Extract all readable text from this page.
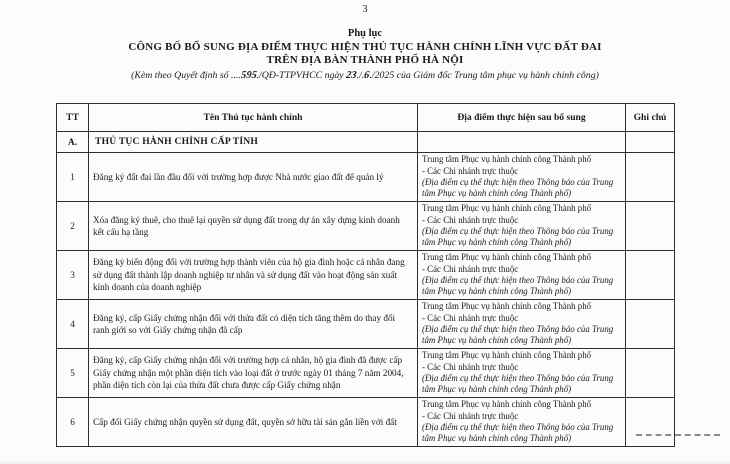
3
Phụ lục
CÔNG BỐ BỔ SUNG ĐỊA ĐIỂM THỰC HIỆN THỦ TỤC HÀNH CHÍNH LĨNH VỰC ĐẤT ĐAI
TRÊN ĐỊA BÀN THÀNH PHỐ HÀ NỘI
(Kèm theo Quyết định số ....595./QĐ-TTPVHCC ngày 23./.6./2025 của Giám đốc Trung tâm phục vụ hành chính công)
TT	Tên Thủ tục hành chính	Địa điểm thực hiện sau bổ sung	Ghi chú
A.	THỦ TỤC HÀNH CHÍNH CẤP TỈNH		
1	Đăng ký đất đai lần đầu đối với trường hợp được Nhà nước giao đất để quản lý	Trung tâm Phục vụ hành chính công Thành phố
- Các Chi nhánh trực thuộc
(Địa điểm cụ thể thực hiện theo Thông báo của Trung tâm Phục vụ hành chính công Thành phố)	

2	Xóa đăng ký thuê, cho thuê lại quyền sử dụng đất trong dự án xây dựng kinh doanh kết cấu hạ tầng	Trung tâm Phục vụ hành chính công Thành phố
- Các Chi nhánh trực thuộc
(Địa điểm cụ thể thực hiện theo Thông báo của Trung tâm Phục vụ hành chính công Thành phố)	

3	Đăng ký biến động đối với trường hợp thành viên của hộ gia đình hoặc cá nhân đang sử dụng đất thành lập doanh nghiệp tư nhân và sử dụng đất vào hoạt động sản xuất kinh doanh của doanh nghiệp	Trung tâm Phục vụ hành chính công Thành phố
- Các Chi nhánh trực thuộc
(Địa điểm cụ thể thực hiện theo Thông báo của Trung tâm Phục vụ hành chính công Thành phố)	

4	Đăng ký, cấp Giấy chứng nhận đối với thửa đất có diện tích tăng thêm do thay đổi ranh giới so với Giấy chứng nhận đã cấp	Trung tâm Phục vụ hành chính công Thành phố
- Các Chi nhánh trực thuộc
(Địa điểm cụ thể thực hiện theo Thông báo của Trung tâm Phục vụ hành chính công Thành phố)	

5	Đăng ký, cấp Giấy chứng nhận đối với trường hợp cá nhân, hộ gia đình đã được cấp Giấy chứng nhận một phần diện tích vào loại đất ở trước ngày 01 tháng 7 năm 2004, phần diện tích còn lại của thửa đất chưa được cấp Giấy chứng nhận	
Trung tâm Phục vụ hành chính công Thành phố
- Các Chi nhánh trực thuộc
(Địa điểm cụ thể thực hiện theo Thông báo của Trung tâm Phục vụ hành chính công Thành phố)

6	Cấp đổi Giấy chứng nhận quyền sử dụng đất, quyền sở hữu tài sản gắn liền với đất	Trung tâm Phục vụ hành chính công Thành phố
- Các Chi nhánh trực thuộc
(Địa điểm cụ thể thực hiện theo Thông báo của Trung tâm Phục vụ hành chính công Thành phố)	
